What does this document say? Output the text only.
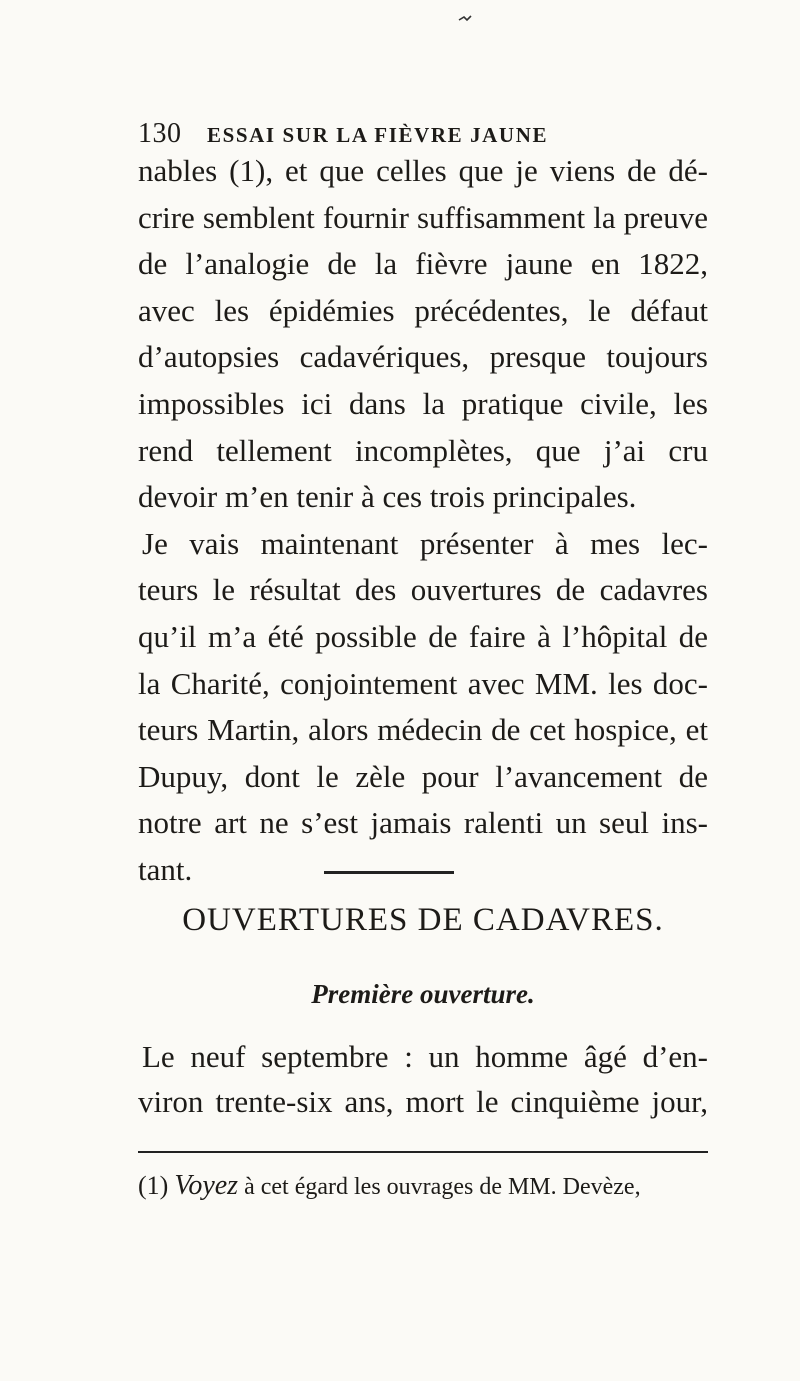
130 ESSAI SUR LA FIÈVRE JAUNE
nables (1), et que celles que je viens de dé-
crire semblent fournir suffisamment la preuve
de l’analogie de la fièvre jaune en 1822,
avec les épidémies précédentes, le défaut
d’autopsies cadavériques, presque toujours
impossibles ici dans la pratique civile, les
rend tellement incomplètes, que j’ai cru
devoir m’en tenir à ces trois principales.
Je vais maintenant présenter à mes lec-
teurs le résultat des ouvertures de cadavres
qu’il m’a été possible de faire à l’hôpital de
la Charité, conjointement avec MM. les doc-
teurs Martin, alors médecin de cet hospice, et
Dupuy, dont le zèle pour l’avancement de
notre art ne s’est jamais ralenti un seul ins-
tant.
OUVERTURES DE CADAVRES.
Première ouverture.
Le neuf septembre : un homme âgé d’en-
viron trente-six ans, mort le cinquième jour,
(1) Voyez à cet égard les ouvrages de MM. Devèze,
